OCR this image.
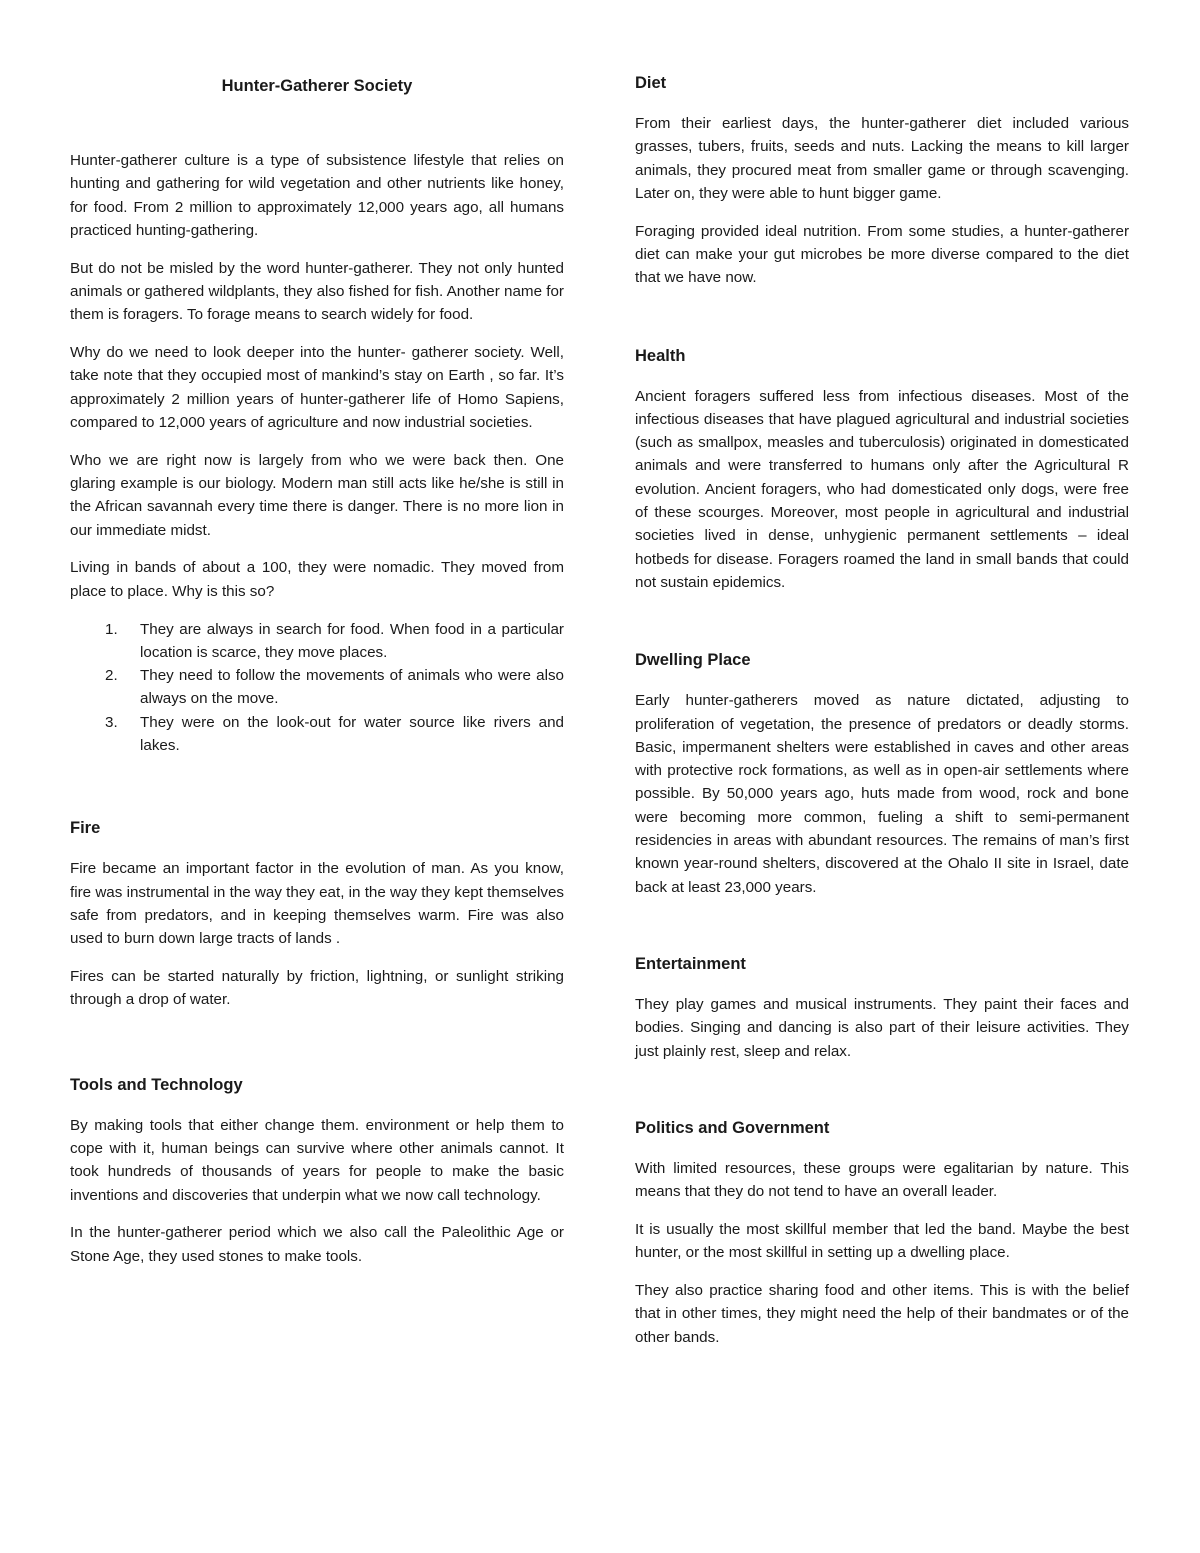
Hunter-Gatherer Society

Hunter-gatherer culture is a type of subsistence lifestyle that relies on hunting and gathering for wild vegetation and other nutrients like honey, for food. From 2 million to approximately 12,000 years ago, all humans practiced hunting-gathering.

But do not be misled by the word hunter-gatherer. They not only hunted animals or gathered wildplants, they also fished for fish. Another name for them is foragers. To forage means to search widely for food.

Why do we need to look deeper into the hunter- gatherer society. Well, take note that they occupied most of mankind’s stay on Earth , so far. It’s approximately 2 million years of hunter-gatherer life of Homo Sapiens, compared to 12,000 years of agriculture and now industrial societies.

Who we are right now is largely from who we were back then. One glaring example is our biology. Modern man still acts like he/she is still in the African savannah every time there is danger. There is no more lion in our immediate midst.

Living in bands of about a 100, they were nomadic. They moved from place to place. Why is this so?

1. They are always in search for food. When food in a particular location is scarce, they move places.
2. They need to follow the movements of animals who were also always on the move.
3. They were on the look-out for water source like rivers and lakes.
Fire

Fire became an important factor in the evolution of man. As you know, fire was instrumental in the way they eat, in the way they kept themselves safe from predators, and in keeping themselves warm. Fire was also used to burn down large tracts of lands .

Fires can be started naturally by friction, lightning, or sunlight striking through a drop of water.

Tools and Technology

By making tools that either change them. environment or help them to cope with it, human beings can survive where other animals cannot. It took hundreds of thousands of years for people to make the basic inventions and discoveries that underpin what we now call technology.

In the hunter-gatherer period which we also call the Paleolithic Age or Stone Age, they used stones to make tools.

Diet

From their earliest days, the hunter-gatherer diet included various grasses, tubers, fruits, seeds and nuts. Lacking the means to kill larger animals, they procured meat from smaller game or through scavenging. Later on, they were able to hunt bigger game.

Foraging provided ideal nutrition. From some studies, a hunter-gatherer diet can make your gut microbes be more diverse compared to the diet that we have now.

Health

Ancient foragers suffered less from infectious diseases. Most of the infectious diseases that have plagued agricultural and industrial societies (such as smallpox, measles and tuberculosis) originated in domesticated animals and were transferred to humans only after the Agricultural R evolution. Ancient foragers, who had domesticated only dogs, were free of these scourges. Moreover, most people in agricultural and industrial societies lived in dense, unhygienic permanent settlements – ideal hotbeds for disease. Foragers roamed the land in small bands that could not sustain epidemics.

Dwelling Place

Early hunter-gatherers moved as nature dictated, adjusting to proliferation of vegetation, the presence of predators or deadly storms. Basic, impermanent shelters were established in caves and other areas with protective rock formations, as well as in open-air settlements where possible. By 50,000 years ago, huts made from wood, rock and bone were becoming more common, fueling a shift to semi-permanent residencies in areas with abundant resources. The remains of man’s first known year-round shelters, discovered at the Ohalo II site in Israel, date back at least 23,000 years.

Entertainment

They play games and musical instruments. They paint their faces and bodies. Singing and dancing is also part of their leisure activities. They just plainly rest, sleep and relax.

Politics and Government

With limited resources, these groups were egalitarian by nature. This means that they do not tend to have an overall leader.

It is usually the most skillful member that led the band. Maybe the best hunter, or the most skillful in setting up a dwelling place.

They also practice sharing food and other items. This is with the belief that in other times, they might need the help of their bandmates or of the other bands.
